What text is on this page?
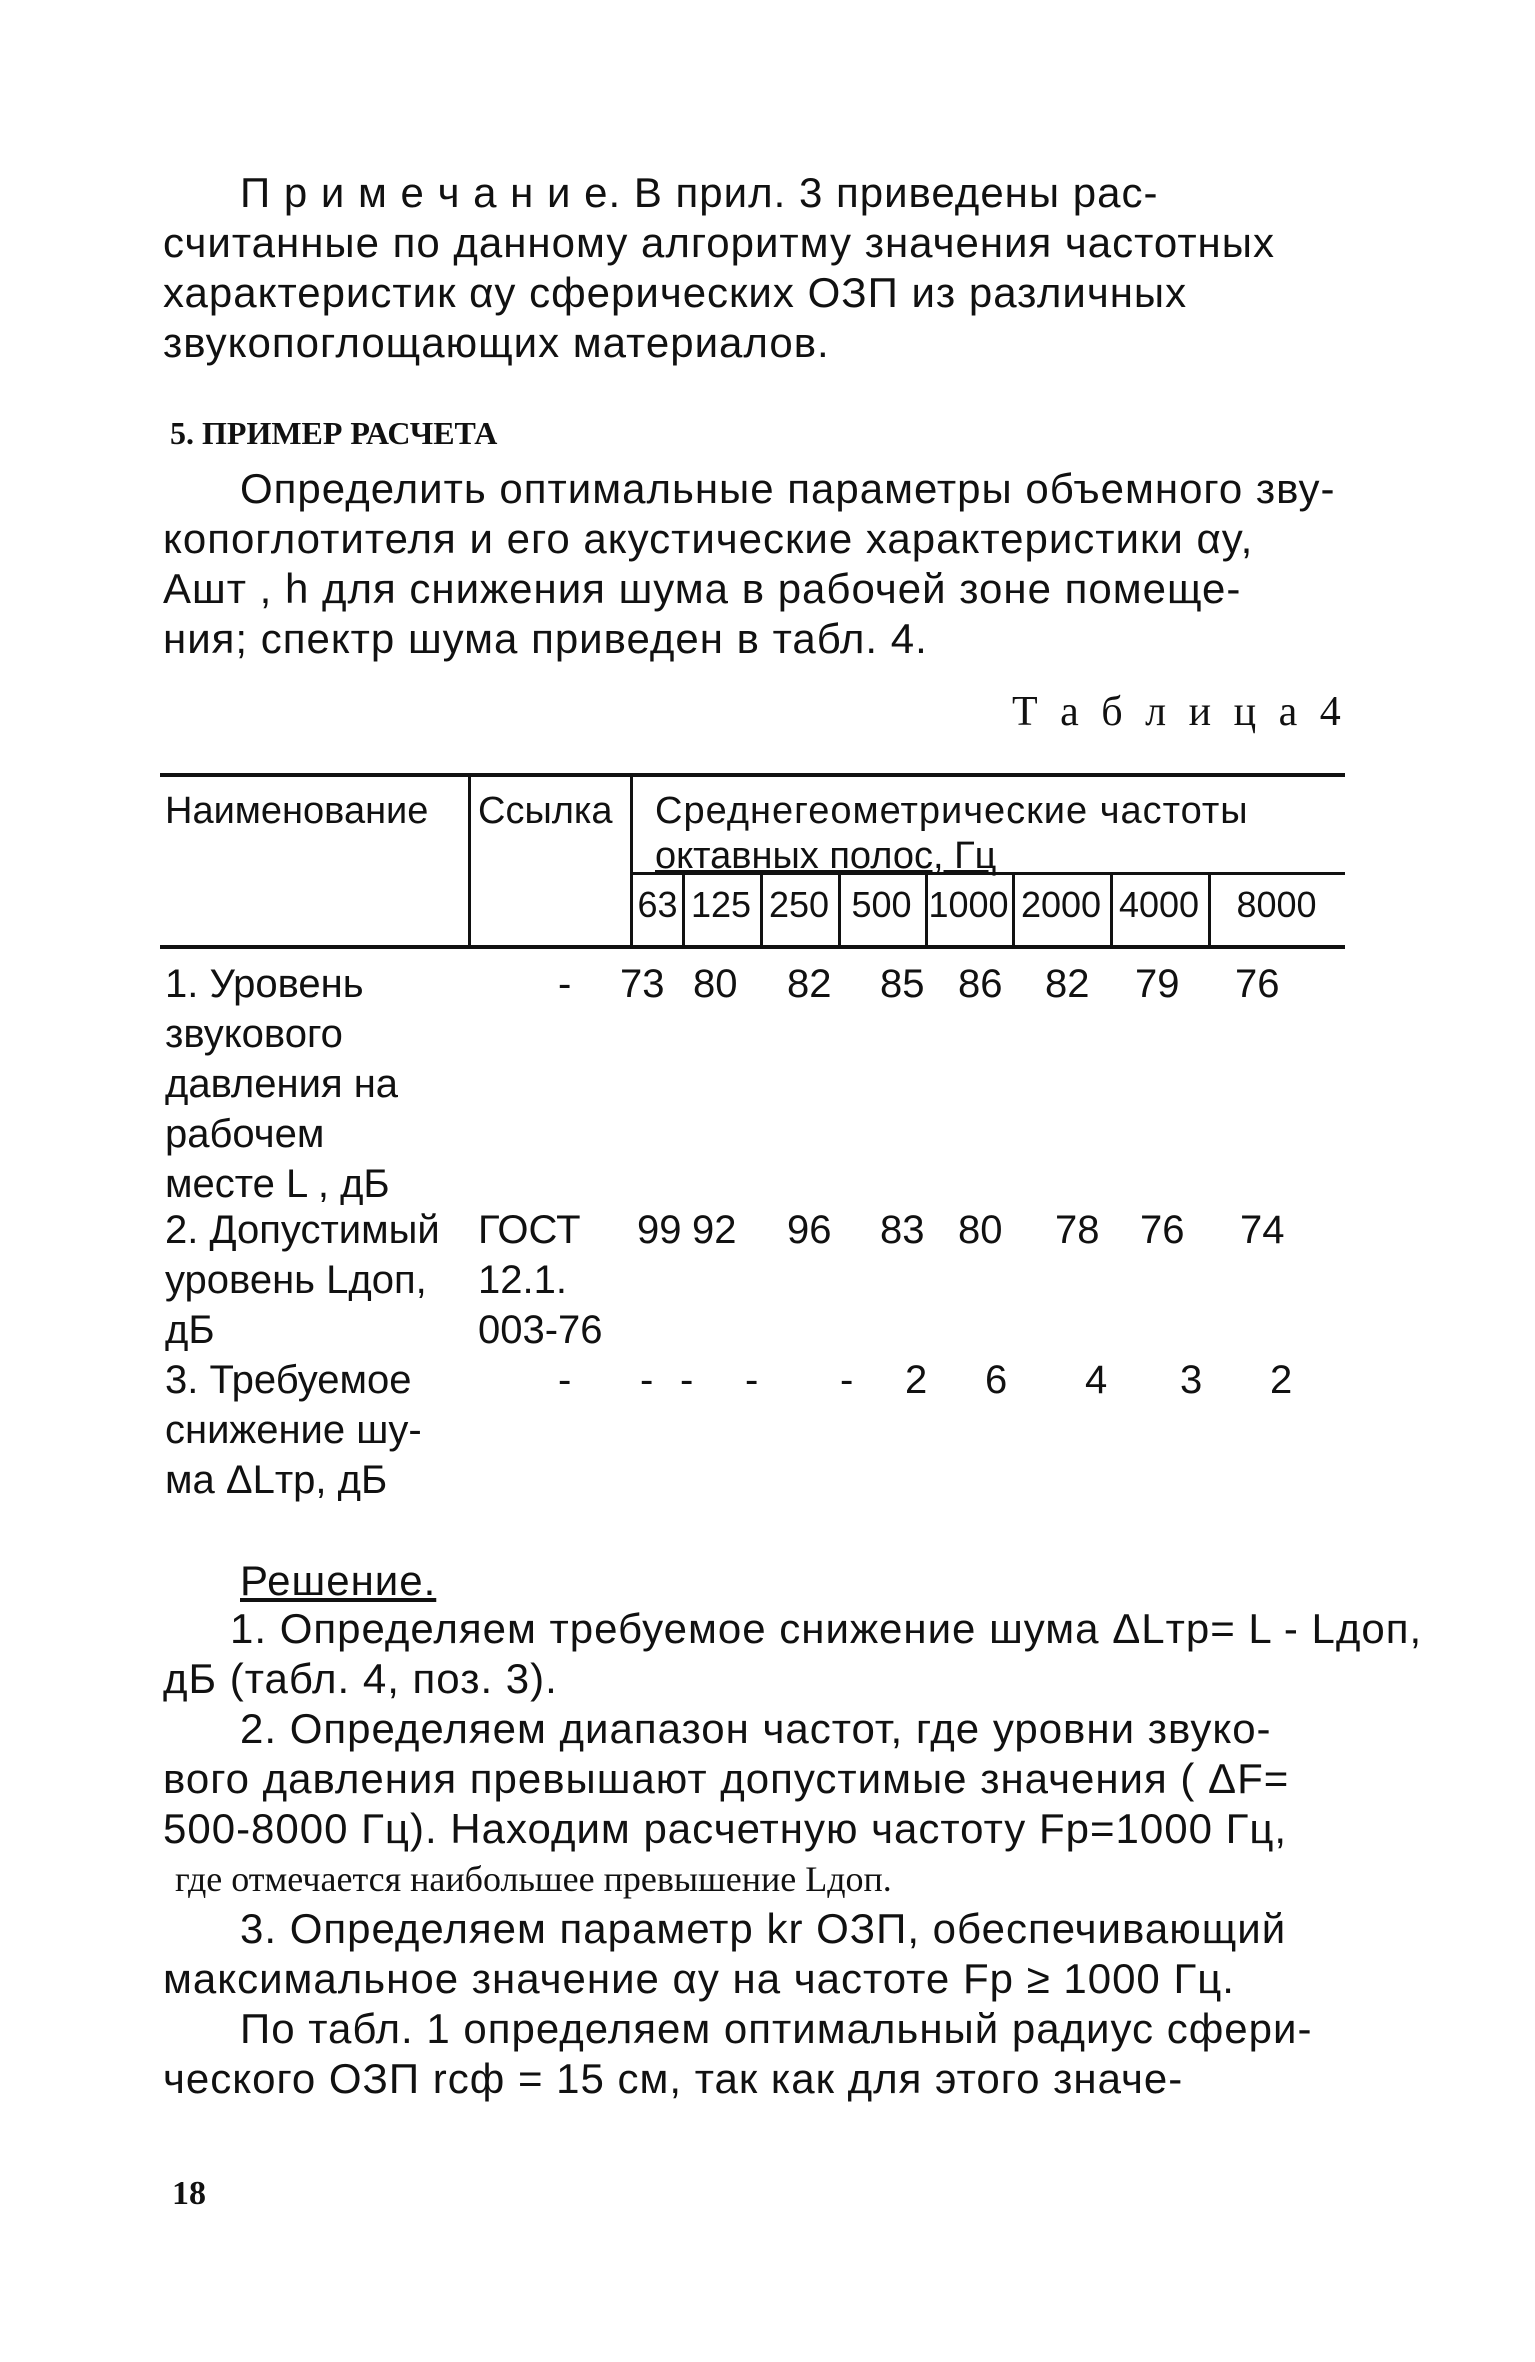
П р и м е ч а н и е. В прил. 3 приведены рас-
считанные по данному алгоритму значения частотных
характеристик αy сферических ОЗП из различных
звукопоглощающих материалов.
5. ПРИМЕР РАСЧЕТА
Определить оптимальные параметры объемного зву-
копоглотителя и его акустические характеристики αy,
Aшт , h для снижения шума в рабочей зоне помеще-
ния; спектр шума приведен в табл. 4.
Т а б л и ц а 4
Наименование Ссылка Среднегеометрические частоты
октавных полос, Гц
63 125 250 500 1000 2000 4000	8000
1. Уровень
звукового
давления на
рабочем
месте L , дБ
-
2. Допустимый
уровень Lдоп,
дБ
ГОСТ
12.1.
003-76
3. Требуемое
снижение шу-
ма ΔLтр, дБ
-
73 80 82 85 86 82 79 76
99 92 96 83 80 78 76 74
- - - - 2 6 4 3 2
Решение.
1. Определяем требуемое снижение шума ΔLтр= L - Lдоп,
дБ (табл. 4, поз. 3).
2. Определяем диапазон частот, где уровни звуко-
вого давления превышают допустимые значения ( ΔF=
500-8000 Гц). Находим расчетную частоту Fр=1000 Гц,
где отмечается наибольшее превышение Lдоп.
3. Определяем параметр kr ОЗП, обеспечивающий
максимальное значение αy на частоте Fр ≥ 1000 Гц.
По табл. 1 определяем оптимальный радиус сфери-
ческого ОЗП rсф = 15 см, так как для этого значе-
18
